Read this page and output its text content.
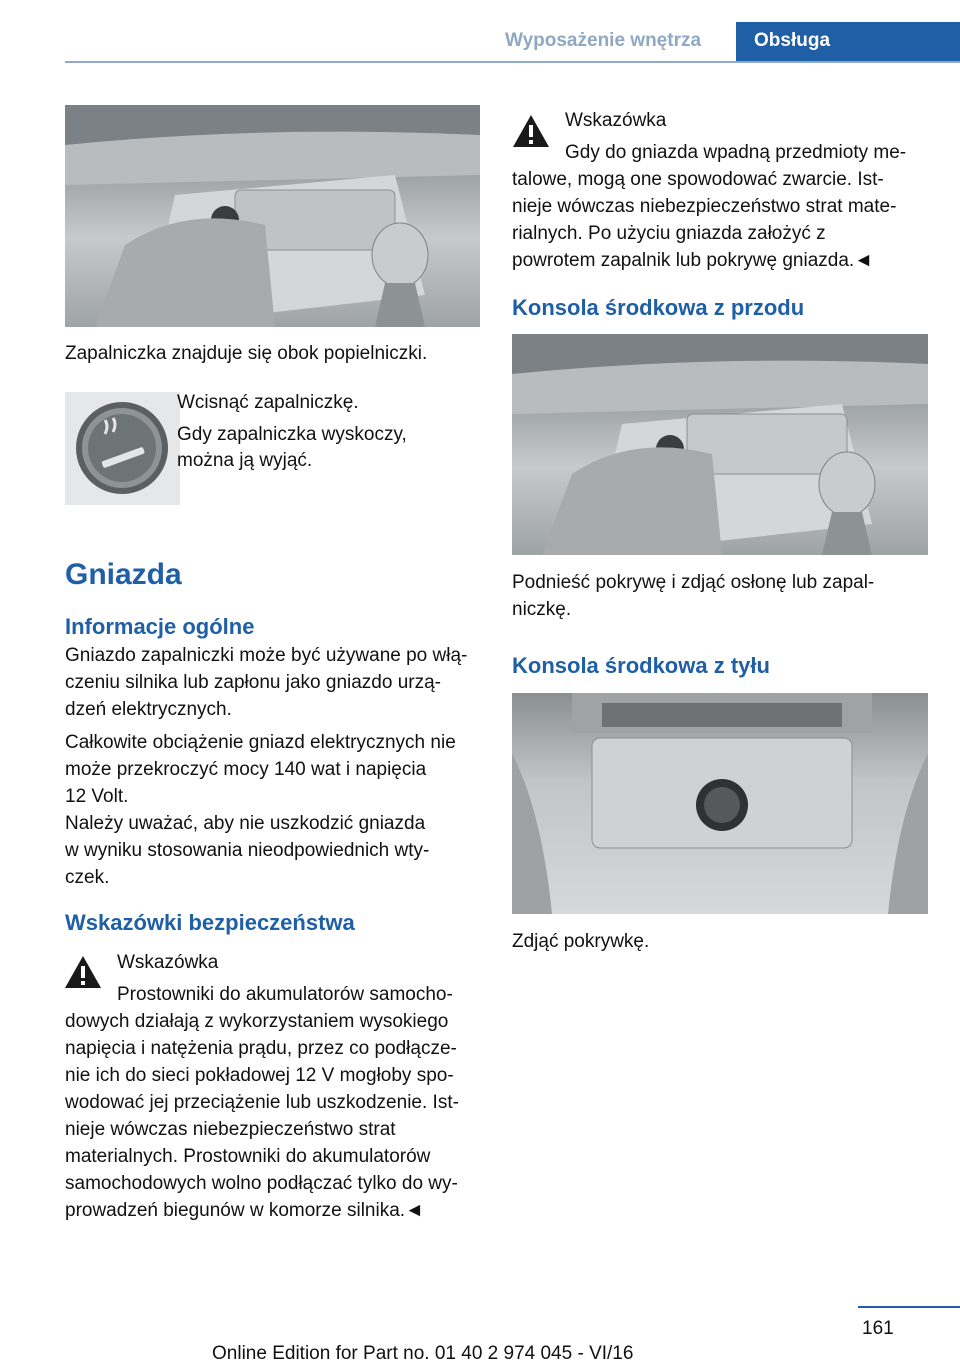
Wyposażenie wnętrza	Obsługa
Zapalniczka znajduje się obok popielniczki.
Wcisnąć zapalniczkę.
Gdy zapalniczka wyskoczy,
można ją wyjąć.
Gniazda
Informacje ogólne
Gniazdo zapalniczki może być używane po włą‐
czeniu silnika lub zapłonu jako gniazdo urzą‐
dzeń elektrycznych.
Całkowite obciążenie gniazd elektrycznych nie
może przekroczyć mocy 140 wat i napięcia
12 Volt.
Należy uważać, aby nie uszkodzić gniazda
w wyniku stosowania nieodpowiednich wty‐
czek.
Wskazówki bezpieczeństwa
Wskazówka
Prostowniki do akumulatorów samocho‐
dowych działają z wykorzystaniem wysokiego
napięcia i natężenia prądu, przez co podłącze‐
nie ich do sieci pokładowej 12 V mogłoby spo‐
wodować jej przeciążenie lub uszkodzenie. Ist‐
nieje wówczas niebezpieczeństwo strat
materialnych. Prostowniki do akumulatorów
samochodowych wolno podłączać tylko do wy‐
prowadzeń biegunów w komorze silnika.◄
Wskazówka
Gdy do gniazda wpadną przedmioty me‐
talowe, mogą one spowodować zwarcie. Ist‐
nieje wówczas niebezpieczeństwo strat mate‐
rialnych. Po użyciu gniazda założyć z
powrotem zapalnik lub pokrywę gniazda.◄
Konsola środkowa z przodu
Podnieść pokrywę i zdjąć osłonę lub zapal‐
niczkę.
Konsola środkowa z tyłu
Zdjąć pokrywkę.
161
Online Edition for Part no. 01 40 2 974 045 - VI/16
